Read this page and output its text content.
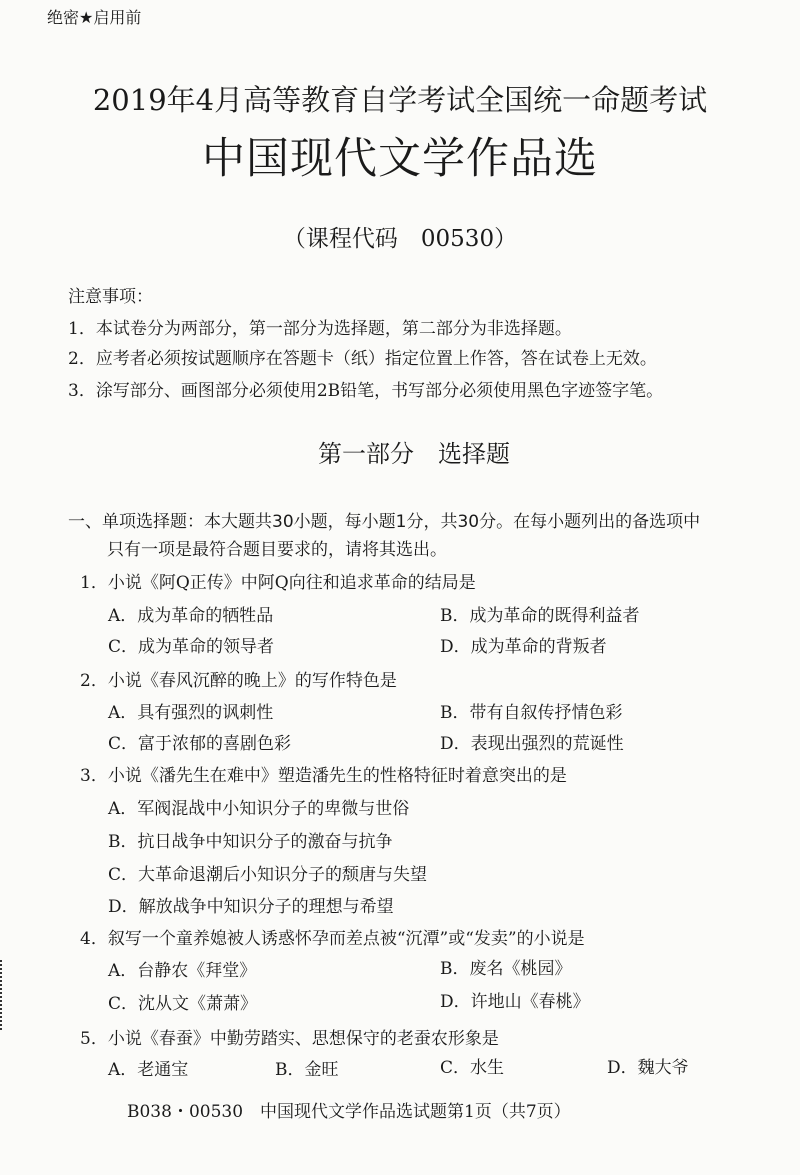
绝密★启用前
2019年4月高等教育自学考试全国统一命题考试
中国现代文学作品选
（课程代码　00530）
注意事项：
1．本试卷分为两部分，第一部分为选择题，第二部分为非选择题。
2．应考者必须按试题顺序在答题卡（纸）指定位置上作答，答在试卷上无效。
3．涂写部分、画图部分必须使用2B铅笔，书写部分必须使用黑色字迹签字笔。
第一部分　选择题
一、单项选择题：本大题共30小题，每小题1分，共30分。在每小题列出的备选项中
只有一项是最符合题目要求的，请将其选出。
1．小说《阿Q正传》中阿Q向往和追求革命的结局是
A．成为革命的牺牲品	B．成为革命的既得利益者
C．成为革命的领导者	D．成为革命的背叛者
2．小说《春风沉醉的晚上》的写作特色是
A．具有强烈的讽刺性	B．带有自叙传抒情色彩
C．富于浓郁的喜剧色彩	D．表现出强烈的荒诞性
3．小说《潘先生在难中》塑造潘先生的性格特征时着意突出的是
A．军阀混战中小知识分子的卑微与世俗
B．抗日战争中知识分子的激奋与抗争
C．大革命退潮后小知识分子的颓唐与失望
D．解放战争中知识分子的理想与希望
4．叙写一个童养媳被人诱惑怀孕而差点被“沉潭”或“发卖”的小说是
A．台静农《拜堂》	B．废名《桃园》
C．沈从文《萧萧》	D．许地山《春桃》
5．小说《春蚕》中勤劳踏实、思想保守的老蚕农形象是
A．老通宝	B．金旺	C．水生	D．魏大爷
B038・00530　中国现代文学作品选试题第1页（共7页）
